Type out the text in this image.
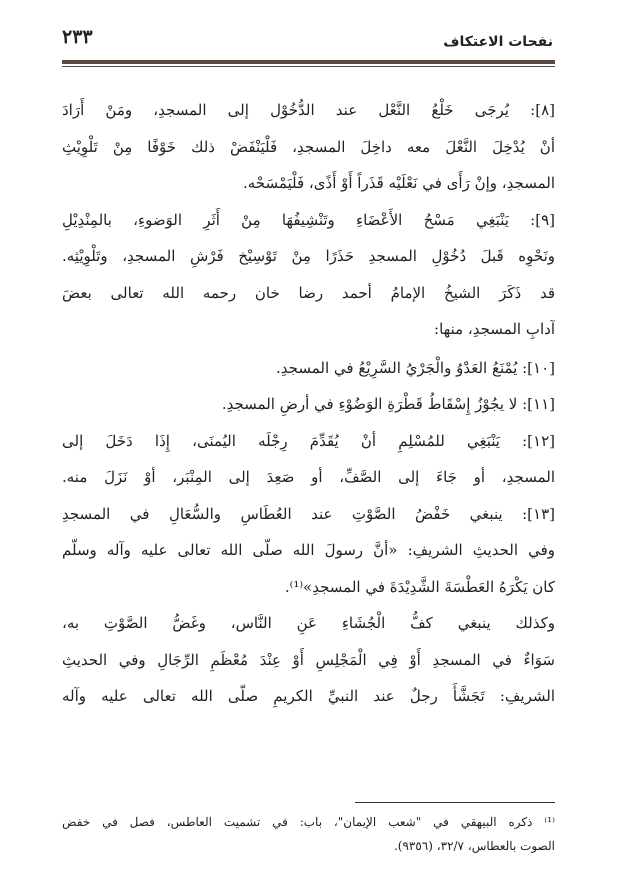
٢٣٣	نفحات الاعتكاف
[٨]: يُرجَى خَلْعُ النَّعْل عند الدُّخُوْل إلى المسجدِ، ومَنْ أَرَادَ
أنْ يُدْخِلَ النَّعْلَ معه داخِلَ المسجدِ، فَلْيَنْفَضْ ذلك خَوْفًا مِنْ تَلْوِيْثِ
المسجدِ، وإنْ رَأَى في نَعْلَيْه قَذَراً أَوْ أَذًى، فَلْيَمْسَحْه.
[٩]: يَنْبَغِي مَسْحُ الأَعْضَاءِ وتَنْشِيفُهَا مِنْ أَثَرِ الوَضوءِ، بالمِنْدِيْلِ
ونَحْوِه قَبلَ دُخُوْلِ المسجدِ حَذَرًا مِنْ تَوْسِيْخ فَرْشِ المسجدِ، وتَلْوِيْثِه.
قد ذَكَرَ الشيخُ الإمامُ أحمد رضا خان رحمه الله تعالى بعضَ
آدابِ المسجدِ، منها:
[١٠]: يُمْنَعُ العَدْوُ والْجَرْيُ السَّرِيْعُ في المسجدِ.
[١١]: لا يجُوْزُ إِسْقَاطُ قَطْرَةِ الوَضُوْءِ في أرضِ المسجدِ.
[١٢]: يَنْبَغِي للمُسْلِمِ أنْ يُقَدِّمَ رِجْلَه اليُمنَى، إِذَا دَخَلَ إلى
المسجدِ، أو جَاءَ إلى الصَّفِّ، أو صَعِدَ إلى المِنْبَر، أوْ نَزَلَ منه.
[١٣]: ينبغي خَفْضُ الصَّوْتِ عند العُطَاسِ والسُّعَالِ في المسجدِ
وفي الحديثِ الشريفِ: «أنَّ رسولَ الله صلّى الله تعالى عليه وآله وسلّم
كان يَكْرَهُ العَطْسَةَ الشَّدِيْدَةَ في المسجدِ»⁽¹⁾.
وكذلك ينبغي كفُّ الْجُشَاءِ عَنِ النَّاس، وغَضُّ الصَّوْتِ به،
سَوَاءٌ في المسجدِ أَوْ فِي الْمَجْلِسِ أَوْ عِنْدَ مُعْظَمِ الرِّجَالِ وفي الحديثِ
الشريفِ: تَجَشَّأَ رجلٌ عند النبيِّ الكريمِ صلّى الله تعالى عليه وآله
⁽¹⁾ ذكره البيهقي في "شعب الإيمان"، باب: في تشميت العاطس، فصل في خفض
الصوت بالعطاس، ٣٢/٧، (٩٣٥٦).
